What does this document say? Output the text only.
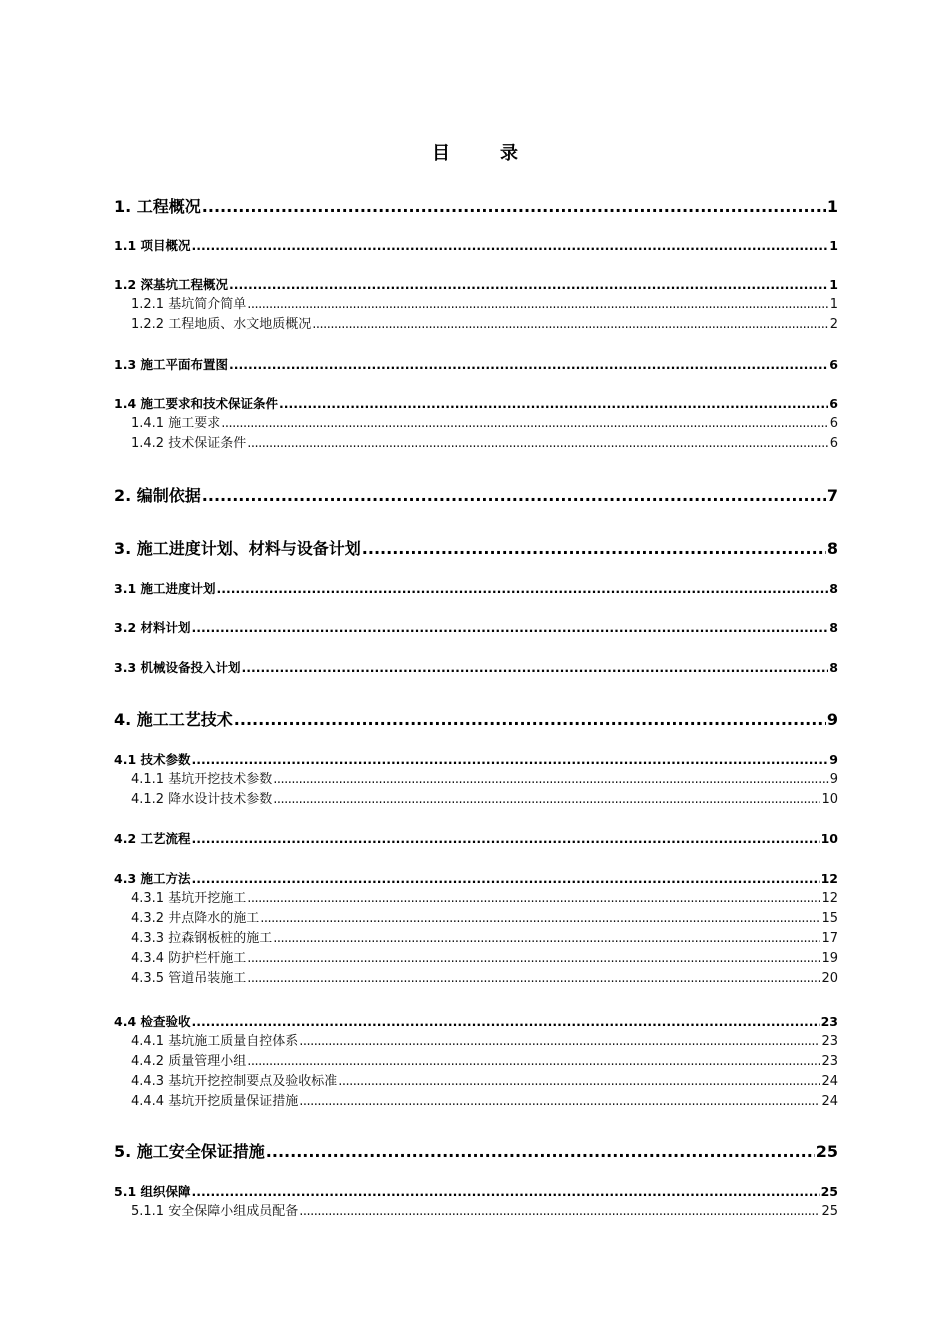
目　录
1. 工程概况 .....	1
1.1 项目概况 .....	1
1.2 深基坑工程概况 .....	1
1.2.1 基坑简介简单 .....	1
1.2.2 工程地质、水文地质概况 .....	2
1.3 施工平面布置图 .....	6
1.4 施工要求和技术保证条件 .....	6
1.4.1 施工要求 .....	6
1.4.2 技术保证条件 .....	6
2. 编制依据 .....	7
3. 施工进度计划、材料与设备计划 .....	8
3.1 施工进度计划 .....	8
3.2 材料计划 .....	8
3.3 机械设备投入计划 .....	8
4. 施工工艺技术 .....	9
4.1 技术参数 .....	9
4.1.1 基坑开挖技术参数 .....	9
4.1.2 降水设计技术参数 .....	10
4.2 工艺流程 .....	10
4.3 施工方法 .....	12
4.3.1 基坑开挖施工 .....	12
4.3.2 井点降水的施工 .....	15
4.3.3 拉森钢板桩的施工 .....	17
4.3.4 防护栏杆施工 .....	19
4.3.5 管道吊装施工 .....	20
4.4 检查验收 .....	23
4.4.1 基坑施工质量自控体系 .....	23
4.4.2 质量管理小组 .....	23
4.4.3 基坑开挖控制要点及验收标准 .....	24
4.4.4 基坑开挖质量保证措施 .....	24
5. 施工安全保证措施 .....	25
5.1 组织保障 .....	25
5.1.1 安全保障小组成员配备 .....	25
